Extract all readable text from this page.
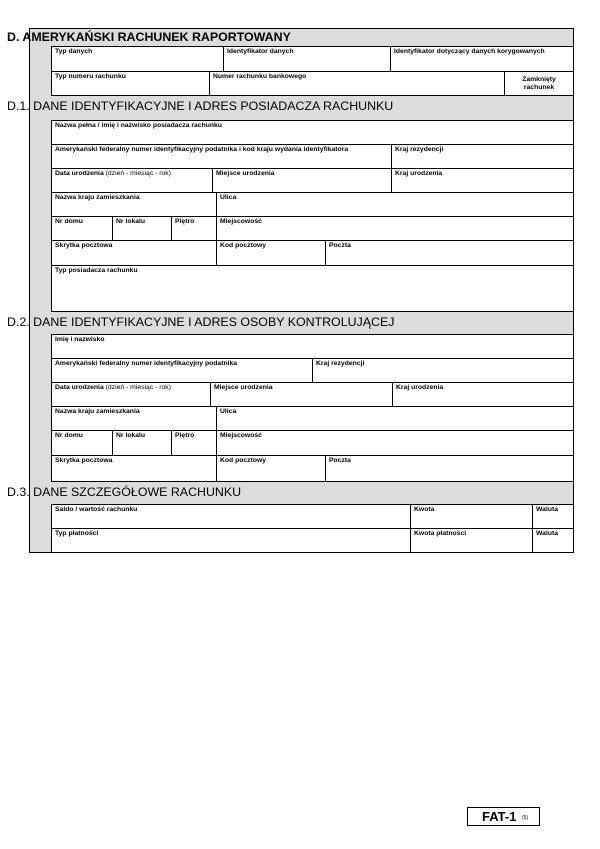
D. AMERYKAŃSKI RACHUNEK RAPORTOWANY
D.1. DANE IDENTYFIKACYJNE I ADRES POSIADACZA RACHUNKU
D.2. DANE IDENTYFIKACYJNE I ADRES OSOBY KONTROLUJĄCEJ
D.3. DANE SZCZEGÓŁOWE RACHUNKU
Typ danych	Identyfikator danych	Identyfikator dotyczący danych korygowanych
Typ numeru rachunku	Numer rachunku bankowego	Zamknięty rachunek
Nazwa pełna / imię i nazwisko posiadacza rachunku
Amerykański federalny numer identyfikacyjny podatnika i kod kraju wydania identyfikatora	Kraj rezydencji
Data urodzenia (dzień - miesiąc - rok)	Miejsce urodzenia	Kraj urodzenia
Nazwa kraju zamieszkania	Ulica
Nr domu	Nr lokalu	Piętro	Miejscowość
Skrytka pocztowa	Kod pocztowy	Poczta
Typ posiadacza rachunku
Imię i nazwisko
Amerykański federalny numer identyfikacyjny podatnika	Kraj rezydencji
Data urodzenia (dzień - miesiąc - rok)	Miejsce urodzenia	Kraj urodzenia
Nazwa kraju zamieszkania	Ulica
Nr domu	Nr lokalu	Piętro	Miejscowość
Skrytka pocztowa	Kod pocztowy	Poczta
Saldo / wartość rachunku	Kwota	Waluta
Typ płatności	Kwota płatności	Waluta
FAT-1 (5)
